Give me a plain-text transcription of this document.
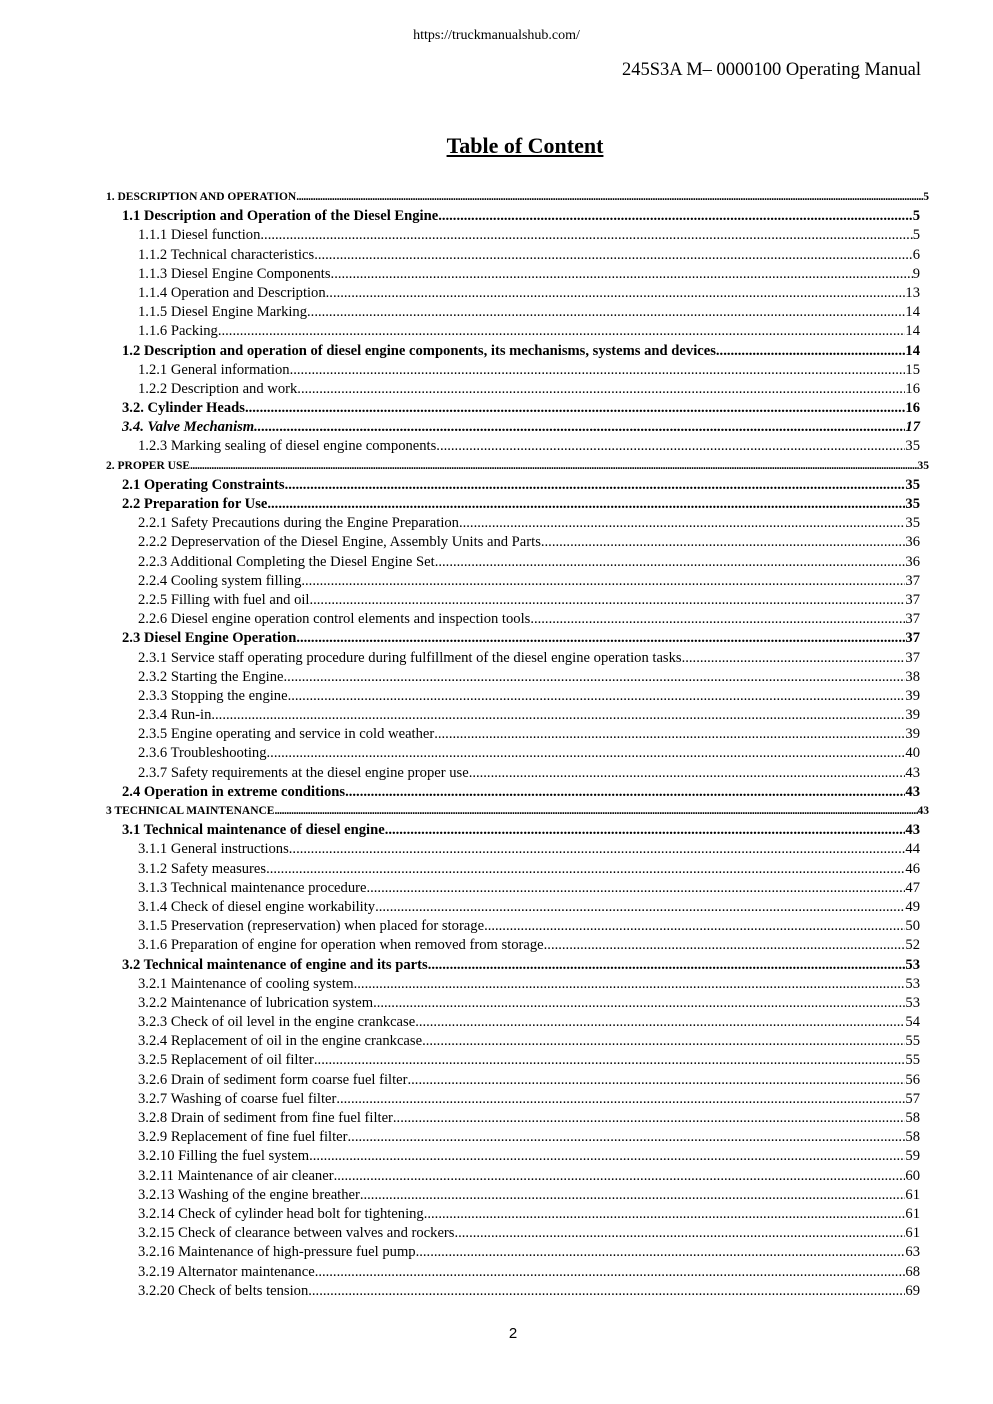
https://truckmanualshub.com/
245S3A M– 0000100 Operating Manual
Table of Content
1. DESCRIPTION AND OPERATION .....	5
1.1 Description and Operation of the Diesel Engine .....	5
1.1.1 Diesel function .....	5
1.1.2 Technical characteristics .....	6
1.1.3 Diesel Engine Components .....	9
1.1.4 Operation and Description .....	13
1.1.5 Diesel Engine Marking .....	14
1.1.6 Packing .....	14
1.2 Description and operation of diesel engine components, its mechanisms, systems and devices .....	14
1.2.1 General information .....	15
1.2.2 Description and work .....	16
3.2. Cylinder Heads .....	16
3.4. Valve Mechanism .....	17
1.2.3 Marking sealing of diesel engine components .....	35
2. PROPER USE .....	35
2.1 Operating Constraints .....	35
2.2 Preparation for Use .....	35
2.2.1 Safety Precautions during the Engine Preparation .....	35
2.2.2 Depreservation of the Diesel Engine, Assembly Units and Parts .....	36
2.2.3 Additional Completing the Diesel Engine Set .....	36
2.2.4 Cooling system filling .....	37
2.2.5 Filling with fuel and oil .....	37
2.2.6 Diesel engine operation control elements and inspection tools .....	37
2.3 Diesel Engine Operation .....	37
2.3.1 Service staff operating procedure during fulfillment of the diesel engine operation tasks .....	37
2.3.2 Starting the Engine .....	38
2.3.3 Stopping the engine .....	39
2.3.4 Run-in .....	39
2.3.5 Engine operating and service in cold weather .....	39
2.3.6 Troubleshooting .....	40
2.3.7 Safety requirements at the diesel engine proper use .....	43
2.4 Operation in extreme conditions .....	43
3 TECHNICAL MAINTENANCE .....	43
3.1 Technical maintenance of diesel engine .....	43
3.1.1 General instructions .....	44
3.1.2 Safety measures .....	46
3.1.3 Technical maintenance procedure .....	47
3.1.4 Check of diesel engine workability .....	49
3.1.5 Preservation (represervation) when placed for storage .....	50
3.1.6 Preparation of engine for operation when removed from storage .....	52
3.2 Technical maintenance of engine and its parts .....	53
3.2.1 Maintenance of cooling system .....	53
3.2.2 Maintenance of lubrication system .....	53
3.2.3 Check of oil level in the engine crankcase .....	54
3.2.4 Replacement of oil in the engine crankcase .....	55
3.2.5 Replacement of oil filter .....	55
3.2.6 Drain of sediment form coarse fuel filter .....	56
3.2.7 Washing of coarse fuel filter .....	57
3.2.8 Drain of sediment from fine fuel filter .....	58
3.2.9 Replacement of fine fuel filter .....	58
3.2.10 Filling the fuel system .....	59
3.2.11 Maintenance of air cleaner .....	60
3.2.13 Washing of the engine breather .....	61
3.2.14 Check of cylinder head bolt for tightening .....	61
3.2.15 Check of clearance between valves and rockers .....	61
3.2.16 Maintenance of high-pressure fuel pump .....	63
3.2.19 Alternator maintenance .....	68
3.2.20 Check of belts tension .....	69
2
